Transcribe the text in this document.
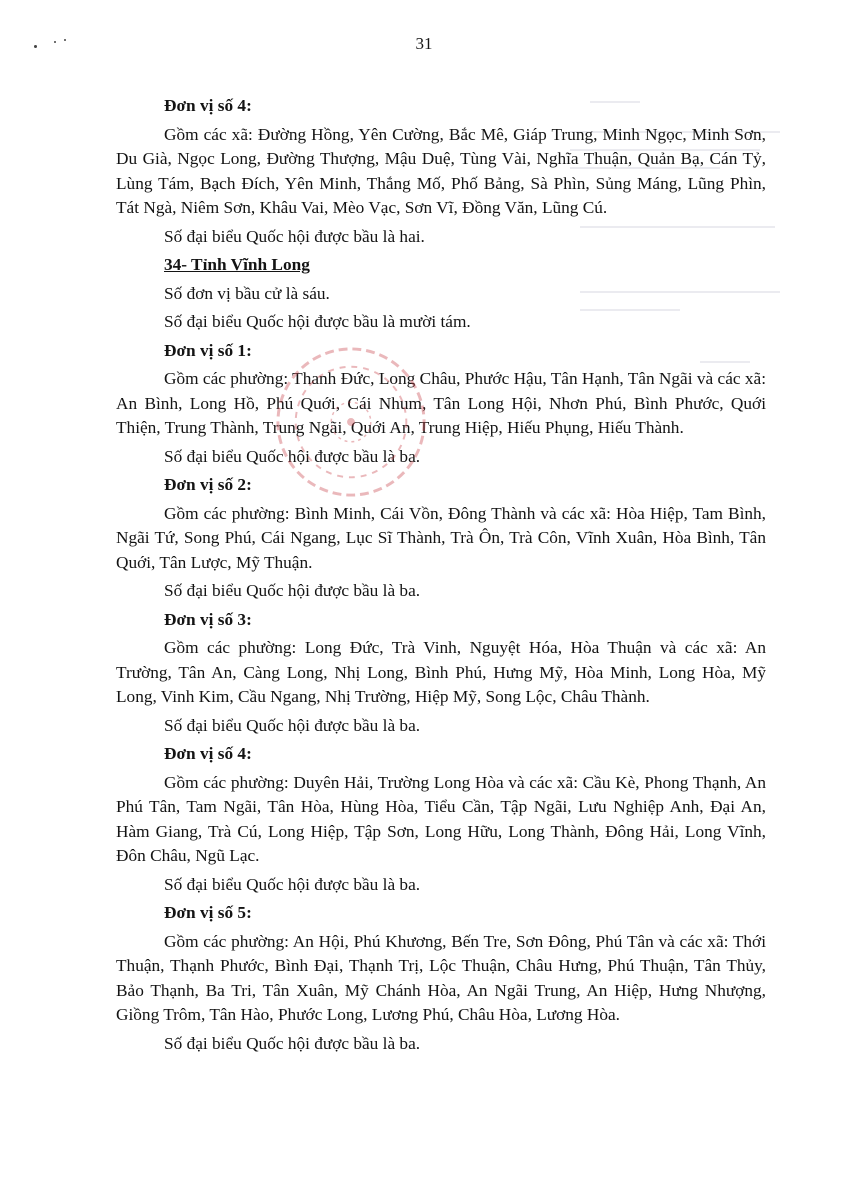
31

Đơn vị số 4:

Gồm các xã: Đường Hồng, Yên Cường, Bắc Mê, Giáp Trung, Minh Ngọc, Minh Sơn, Du Già, Ngọc Long, Đường Thượng, Mậu Duệ, Tùng Vài, Nghĩa Thuận, Quản Bạ, Cán Tỷ, Lùng Tám, Bạch Đích, Yên Minh, Thắng Mố, Phố Bảng, Sà Phìn, Sủng Máng, Lũng Phìn, Tát Ngà, Niêm Sơn, Khâu Vai, Mèo Vạc, Sơn Vĩ, Đồng Văn, Lũng Cú.

Số đại biểu Quốc hội được bầu là hai.

34- Tỉnh Vĩnh Long

Số đơn vị bầu cử là sáu.

Số đại biểu Quốc hội được bầu là mười tám.

Đơn vị số 1:

Gồm các phường: Thanh Đức, Long Châu, Phước Hậu, Tân Hạnh, Tân Ngãi và các xã: An Bình, Long Hồ, Phú Quới, Cái Nhum, Tân Long Hội, Nhơn Phú, Bình Phước, Quới Thiện, Trung Thành, Trung Ngãi, Quới An, Trung Hiệp, Hiếu Phụng, Hiếu Thành.

Số đại biểu Quốc hội được bầu là ba.

Đơn vị số 2:

Gồm các phường: Bình Minh, Cái Vồn, Đông Thành và các xã: Hòa Hiệp, Tam Bình, Ngãi Tứ, Song Phú, Cái Ngang, Lục Sĩ Thành, Trà Ôn, Trà Côn, Vĩnh Xuân, Hòa Bình, Tân Quới, Tân Lược, Mỹ Thuận.

Số đại biểu Quốc hội được bầu là ba.

Đơn vị số 3:

Gồm các phường: Long Đức, Trà Vinh, Nguyệt Hóa, Hòa Thuận và các xã: An Trường, Tân An, Càng Long, Nhị Long, Bình Phú, Hưng Mỹ, Hòa Minh, Long Hòa, Mỹ Long, Vinh Kim, Cầu Ngang, Nhị Trường, Hiệp Mỹ, Song Lộc, Châu Thành.

Số đại biểu Quốc hội được bầu là ba.

Đơn vị số 4:

Gồm các phường: Duyên Hải, Trường Long Hòa và các xã: Cầu Kè, Phong Thạnh, An Phú Tân, Tam Ngãi, Tân Hòa, Hùng Hòa, Tiểu Cần, Tập Ngãi, Lưu Nghiệp Anh, Đại An, Hàm Giang, Trà Cú, Long Hiệp, Tập Sơn, Long Hữu, Long Thành, Đông Hải, Long Vĩnh, Đôn Châu, Ngũ Lạc.

Số đại biểu Quốc hội được bầu là ba.

Đơn vị số 5:

Gồm các phường: An Hội, Phú Khương, Bến Tre, Sơn Đông, Phú Tân và các xã: Thới Thuận, Thạnh Phước, Bình Đại, Thạnh Trị, Lộc Thuận, Châu Hưng, Phú Thuận, Tân Thủy, Bảo Thạnh, Ba Tri, Tân Xuân, Mỹ Chánh Hòa, An Ngãi Trung, An Hiệp, Hưng Nhượng, Giồng Trôm, Tân Hào, Phước Long, Lương Phú, Châu Hòa, Lương Hòa.

Số đại biểu Quốc hội được bầu là ba.
